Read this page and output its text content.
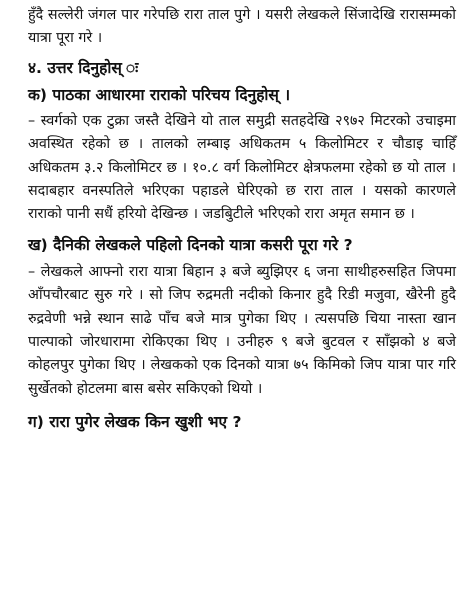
हुँदै सल्लेरी जंगल पार गरेपछि रारा ताल पुगे । यसरी लेखकले सिंजादेखि रारासम्मको यात्रा पूरा गरे ।

४. उत्तर दिनुहोस् ः

क) पाठका आधारमा राराको परिचय दिनुहोस् ।

– स्वर्गको एक टुक्रा जस्तै देखिने यो ताल समुद्री सतहदेखि २९७२ मिटरको उचाइमा अवस्थित रहेको छ । तालको लम्बाइ अधिकतम ५ किलोमिटर र चौडाइ चाहिँ अधिकतम ३.२ किलोमिटर छ । १०.८ वर्ग किलोमिटर क्षेत्रफलमा रहेको छ यो ताल । सदाबहार वनस्पतिले भरिएका पहाडले घेरिएको छ रारा ताल । यसको कारणले राराको पानी सधैं हरियो देखिन्छ । जडबिुटीले भरिएको रारा अमृत समान छ ।

ख) दैनिकी लेखकले पहिलो दिनको यात्रा कसरी पूरा गरे ?

– लेखकले आफ्नो रारा यात्रा बिहान ३ बजे ब्युझिएर ६ जना साथीहरुसहित जिपमा आँपचौरबाट सुरु गरे । सो जिप रुद्रमती नदीको किनार हुदै रिडी मजुवा, खैरेनी हुदै रुद्रवेणी भन्ने स्थान साढे पाँच बजे मात्र पुगेका थिए । त्यसपछि चिया नास्ता खान पाल्पाको जोरधारामा रोकिएका थिए । उनीहरु ९ बजे बुटवल र साँझको ४ बजे कोहलपुर पुगेका थिए । लेखकको एक दिनको यात्रा ७५ किमिको जिप यात्रा पार गरि सुर्खेतको होटलमा बास बसेर सकिएको थियो ।

ग) रारा पुगेर लेखक किन खुशी भए ?
